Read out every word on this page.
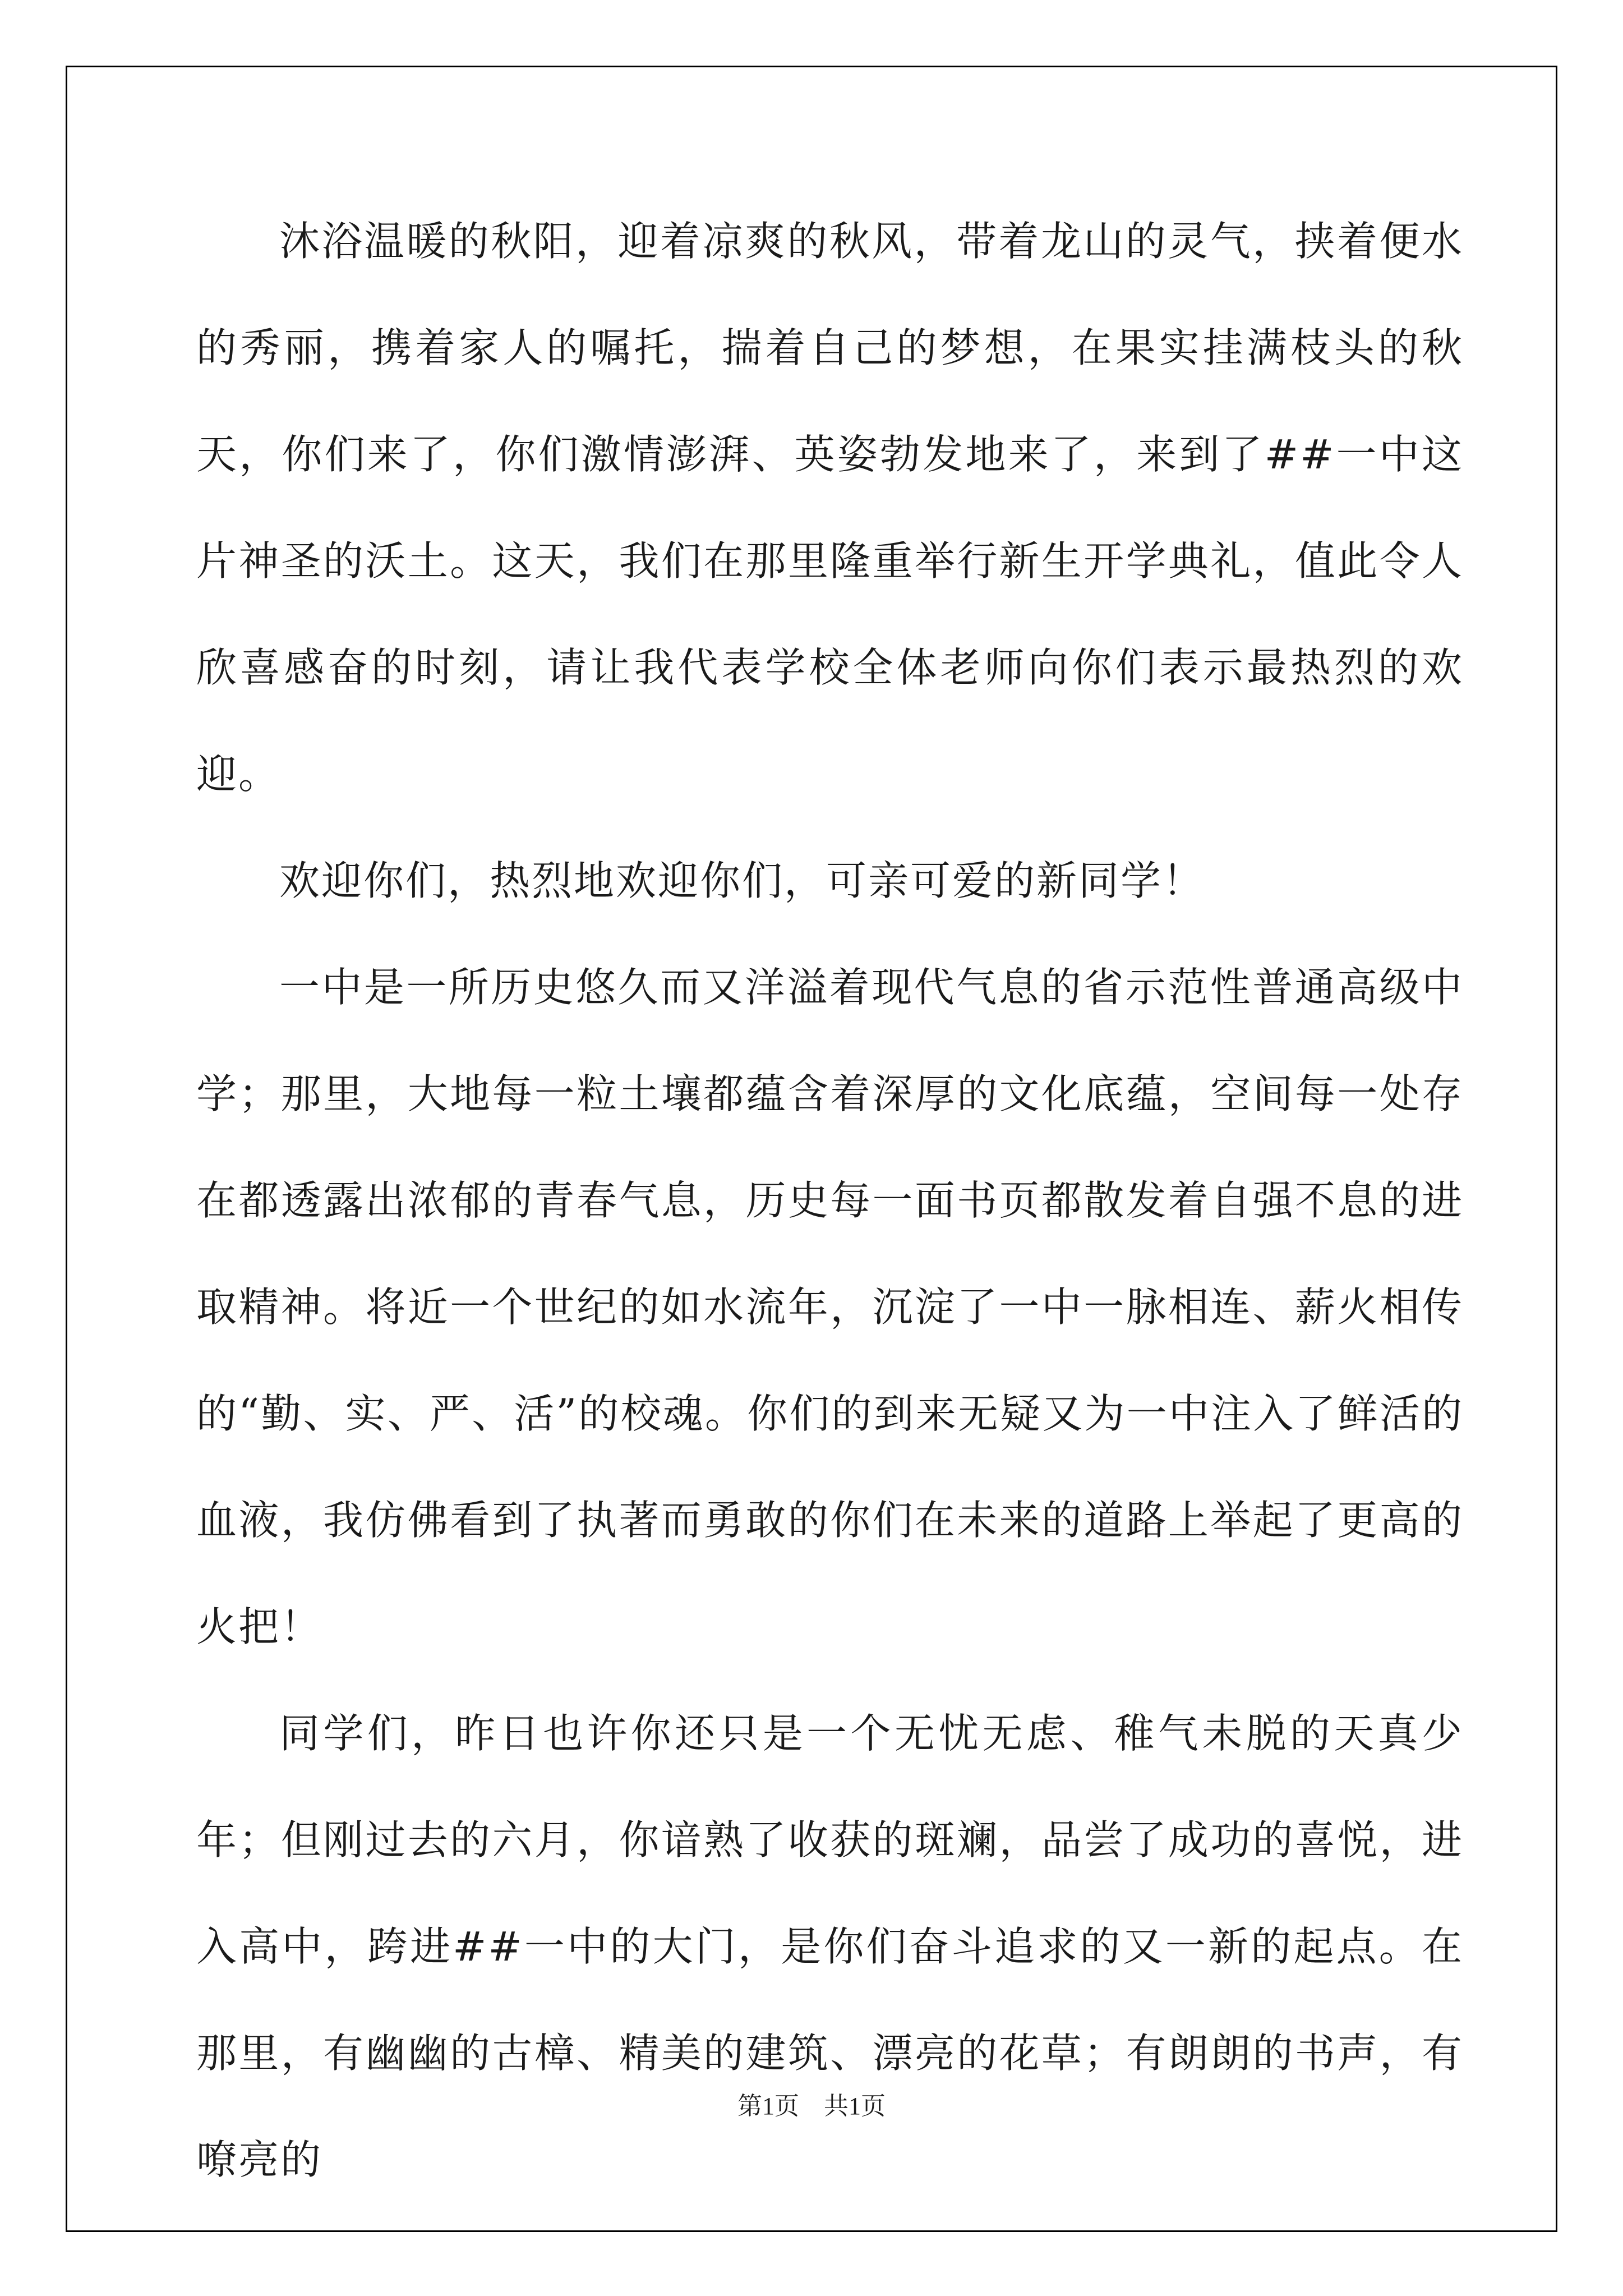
沐浴温暖的秋阳，迎着凉爽的秋风，带着龙山的灵气，挟着便水的秀丽，携着家人的嘱托，揣着自己的梦想，在果实挂满枝头的秋天，你们来了，你们激情澎湃、英姿勃发地来了，来到了##一中这片神圣的沃土。这天，我们在那里隆重举行新生开学典礼，值此令人欣喜感奋的时刻，请让我代表学校全体老师向你们表示最热烈的欢迎。

欢迎你们，热烈地欢迎你们，可亲可爱的新同学！

一中是一所历史悠久而又洋溢着现代气息的省示范性普通高级中学；那里，大地每一粒土壤都蕴含着深厚的文化底蕴，空间每一处存在都透露出浓郁的青春气息，历史每一面书页都散发着自强不息的进取精神。将近一个世纪的如水流年，沉淀了一中一脉相连、薪火相传的“勤、实、严、活”的校魂。你们的到来无疑又为一中注入了鲜活的血液，我仿佛看到了执著而勇敢的你们在未来的道路上举起了更高的火把！

同学们，昨日也许你还只是一个无忧无虑、稚气未脱的天真少年；但刚过去的六月，你谙熟了收获的斑斓，品尝了成功的喜悦，进入高中，跨进##一中的大门，是你们奋斗追求的又一新的起点。在那里，有幽幽的古樟、精美的建筑、漂亮的花草；有朗朗的书声，有嘹亮的

第1页　共1页
